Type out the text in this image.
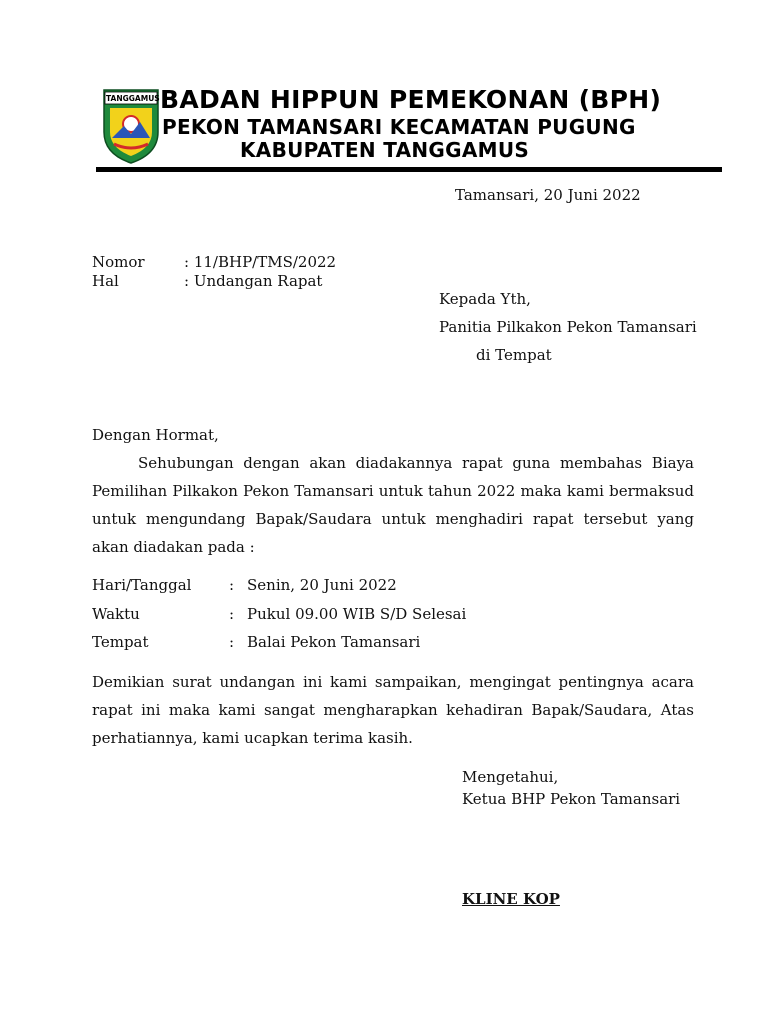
TANGGAMUS BADAN HIPPUN PEMEKONAN (BPH)
PEKON TAMANSARI KECAMATAN PUGUNG
KABUPATEN TANGGAMUS
Tamansari, 20 Juni 2022
Nomor	: 11/BHP/TMS/2022
Hal	: Undangan Rapat
Kepada Yth,
Panitia Pilkakon Pekon Tamansari
di Tempat
Dengan Hormat,
Sehubungan dengan akan diadakannya rapat guna membahas Biaya Pemilihan Pilkakon Pekon Tamansari untuk tahun 2022 maka kami bermaksud untuk mengundang Bapak/Saudara untuk menghadiri rapat tersebut yang akan diadakan pada :
Hari/Tanggal	: Senin, 20 Juni 2022
Waktu	: Pukul 09.00 WIB S/D Selesai
Tempat	: Balai Pekon Tamansari
Demikian surat undangan ini kami sampaikan, mengingat pentingnya acara rapat ini maka kami sangat mengharapkan kehadiran Bapak/Saudara, Atas perhatiannya, kami ucapkan terima kasih.
Mengetahui,
Ketua BHP Pekon Tamansari
KLINE KOP
